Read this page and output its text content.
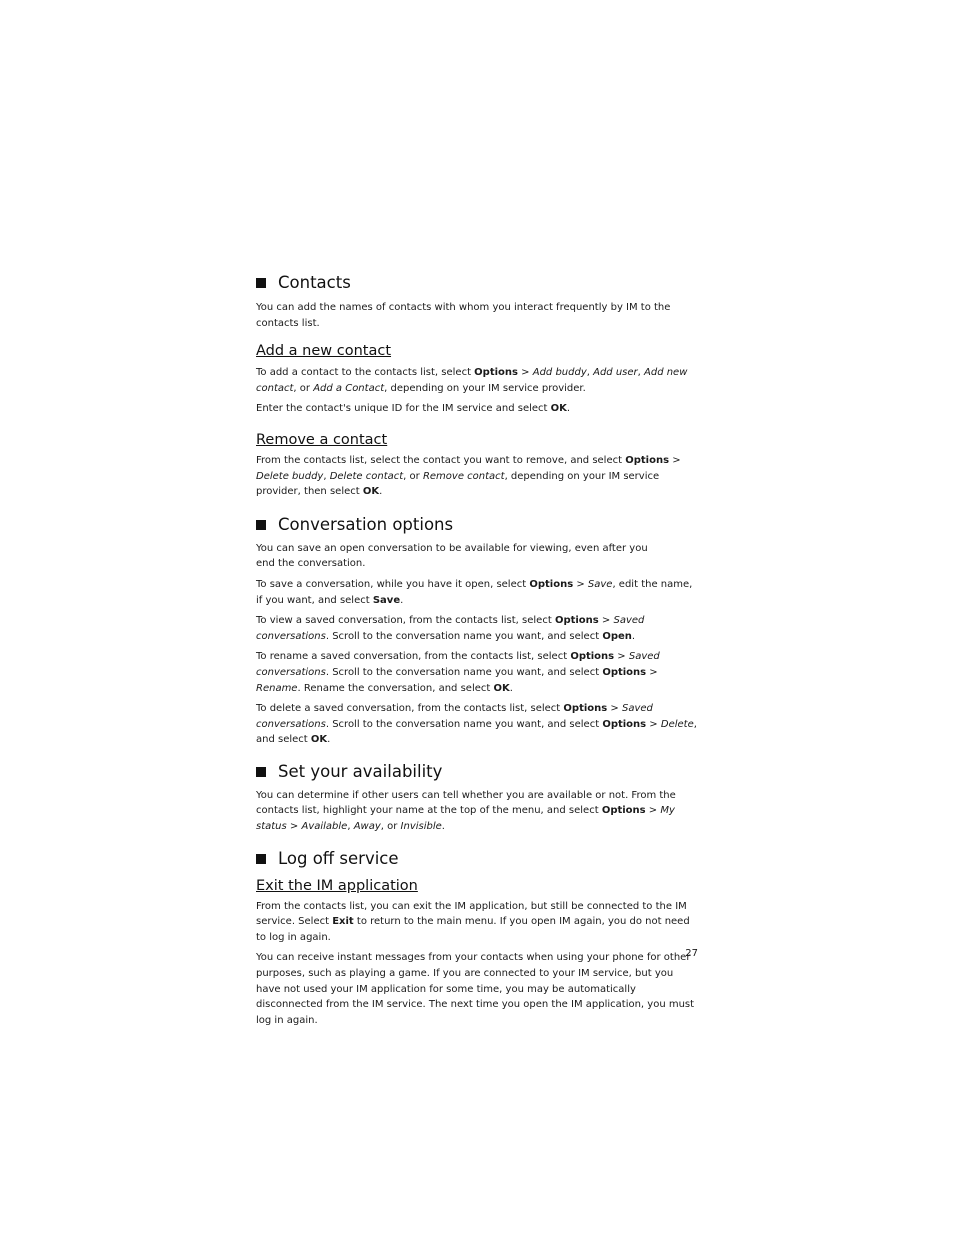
Contacts

You can add the names of contacts with whom you interact frequently by IM to the contacts list.

Add a new contact

To add a contact to the contacts list, select Options > Add buddy, Add user, Add new contact, or Add a Contact, depending on your IM service provider.

Enter the contact's unique ID for the IM service and select OK.

Remove a contact

From the contacts list, select the contact you want to remove, and select Options > Delete buddy, Delete contact, or Remove contact, depending on your IM service provider, then select OK.

Conversation options

You can save an open conversation to be available for viewing, even after you end the conversation.

To save a conversation, while you have it open, select Options > Save, edit the name, if you want, and select Save.

To view a saved conversation, from the contacts list, select Options > Saved conversations. Scroll to the conversation name you want, and select Open.

To rename a saved conversation, from the contacts list, select Options > Saved conversations. Scroll to the conversation name you want, and select Options > Rename. Rename the conversation, and select OK.

To delete a saved conversation, from the contacts list, select Options > Saved conversations. Scroll to the conversation name you want, and select Options > Delete, and select OK.

Set your availability

You can determine if other users can tell whether you are available or not. From the contacts list, highlight your name at the top of the menu, and select Options > My status > Available, Away, or Invisible.

Log off service
Exit the IM application

From the contacts list, you can exit the IM application, but still be connected to the IM service. Select Exit to return to the main menu. If you open IM again, you do not need to log in again.

You can receive instant messages from your contacts when using your phone for other purposes, such as playing a game. If you are connected to your IM service, but you have not used your IM application for some time, you may be automatically disconnected from the IM service. The next time you open the IM application, you must log in again.

27
